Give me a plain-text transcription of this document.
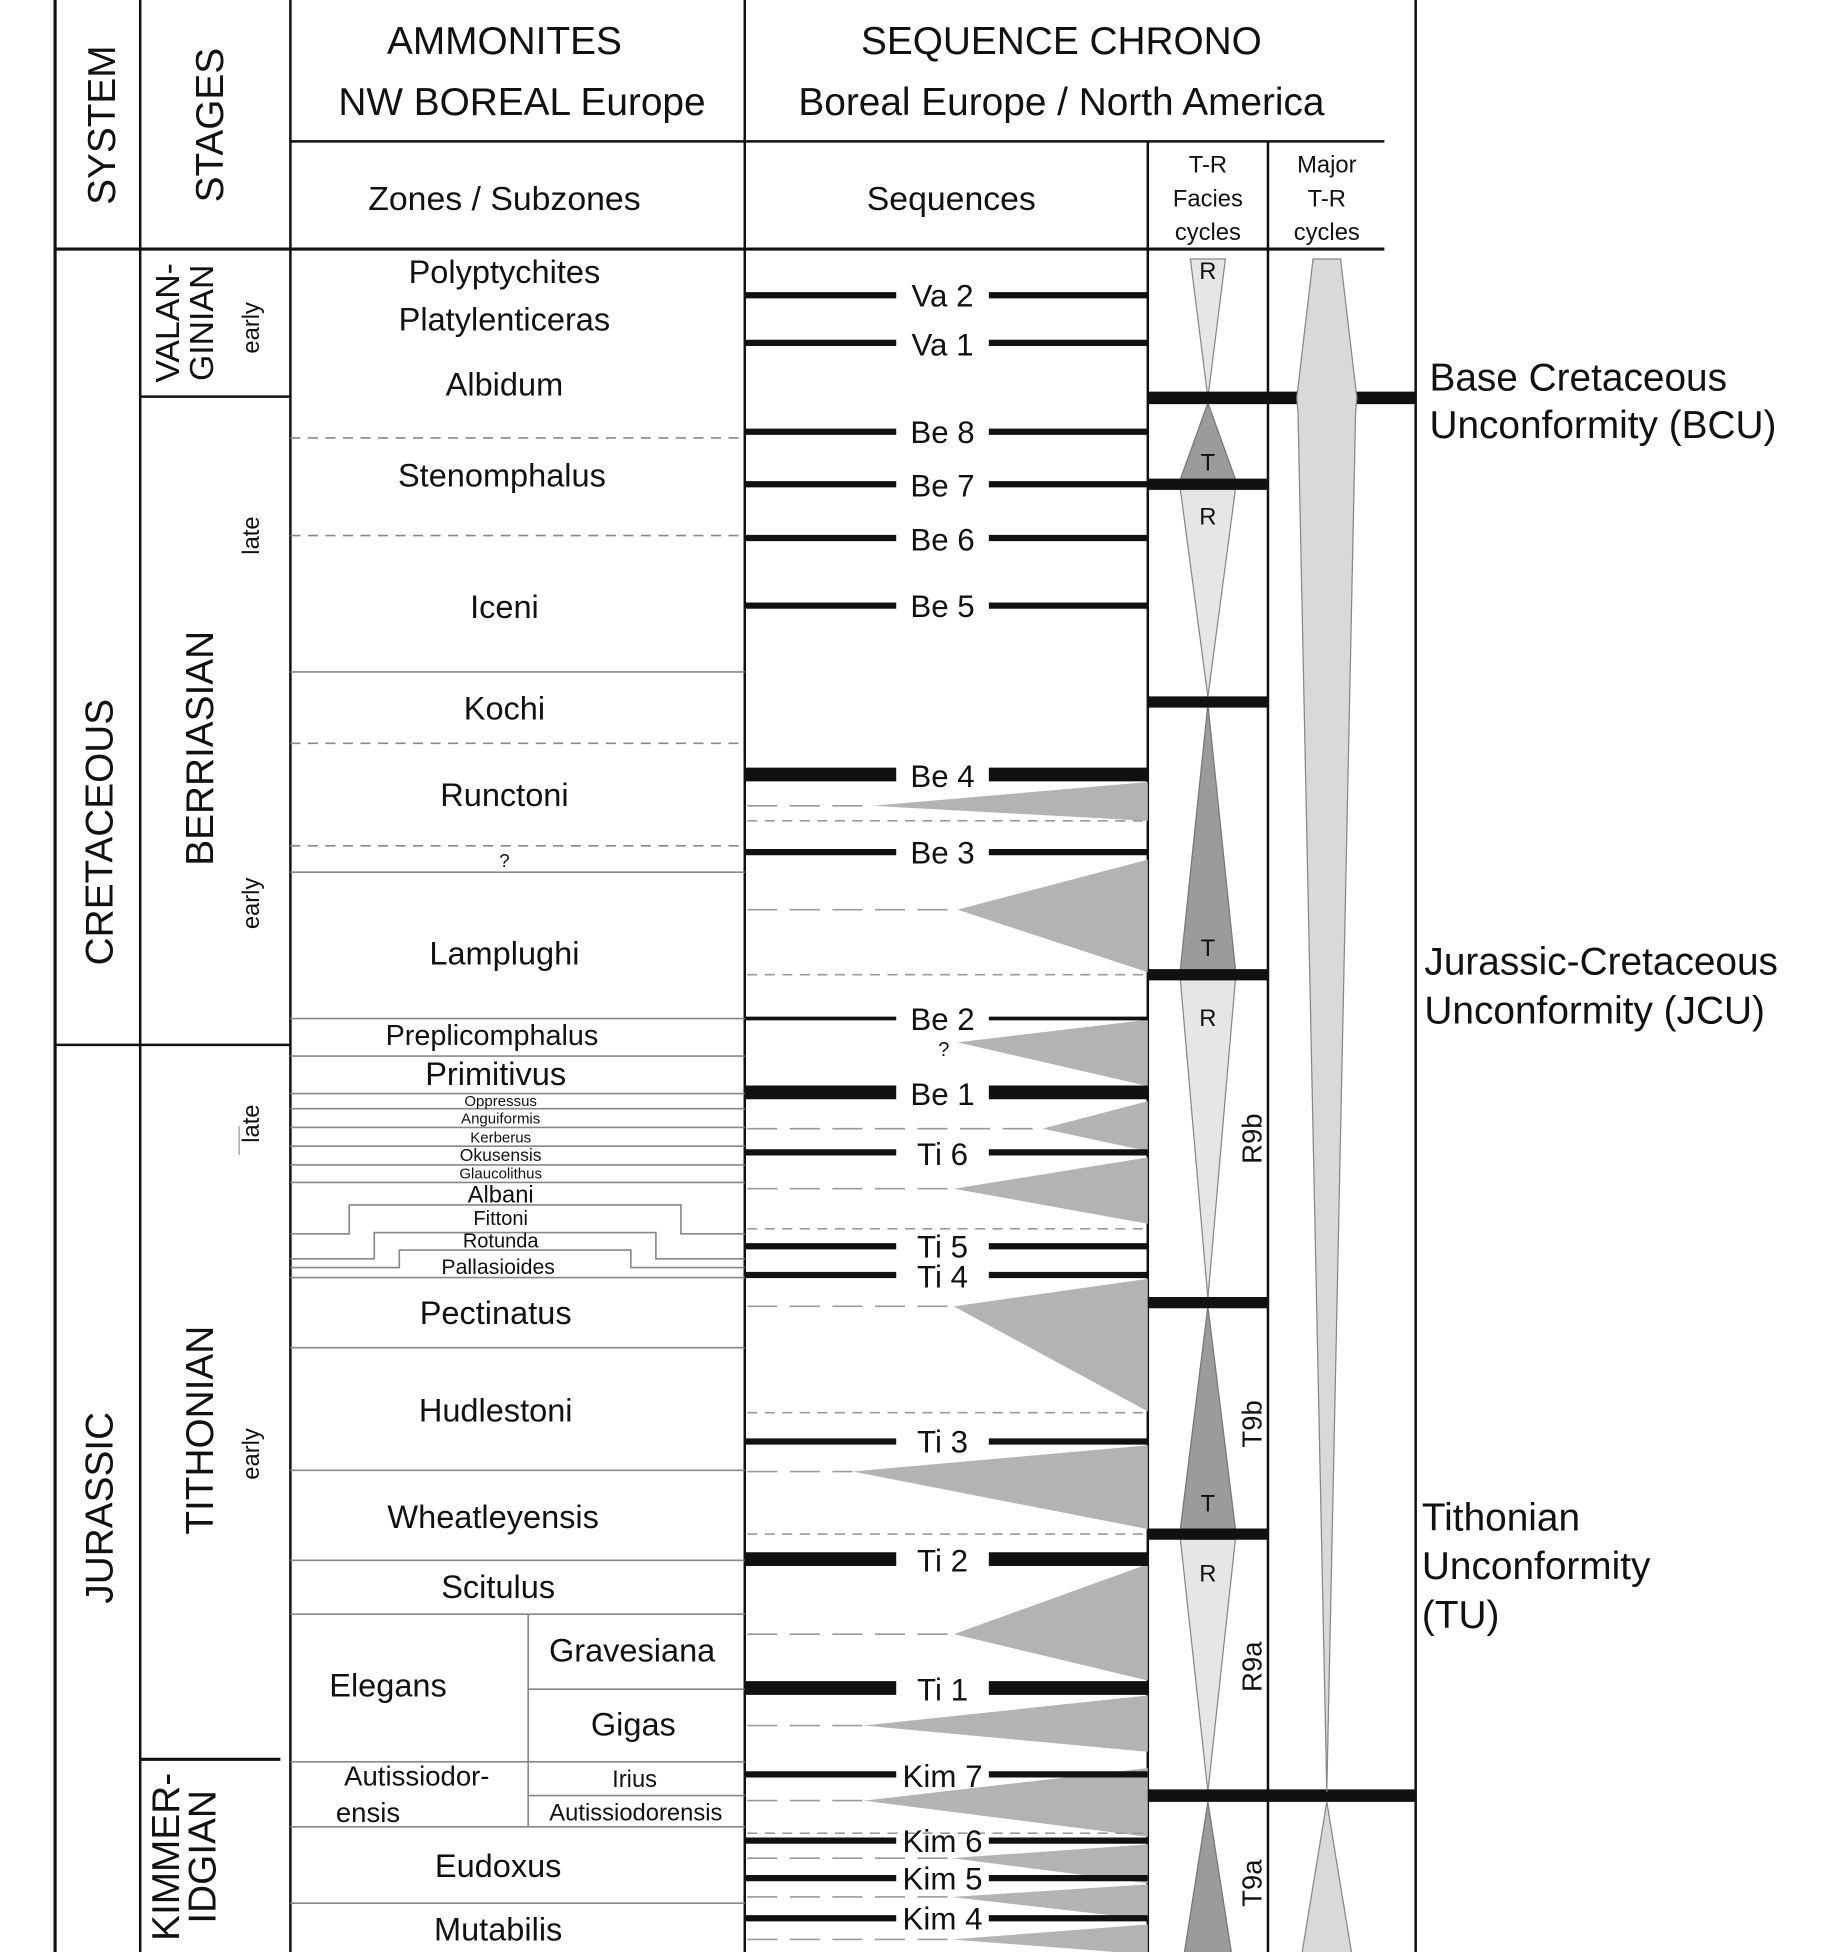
SYSTEM STAGES
AMMONITES
NW BOREAL Europe
Zones / Subzones
SEQUENCE CHRONO
Boreal Europe / North America
Sequences
T-R
Facies
cycles
Major
T-R
cycles
CRETACEOUS
JURASSIC
VALAN-
GINIAN early
BERRIASIAN
late
early
TITHONIAN
late
early
KIMMER-
IDGIAN
Polyptychites
Platylenticeras
Albidum
Stenomphalus
Iceni
Kochi
Runctoni
?
Lamplughi
Preplicomphalus
Primitivus
Oppressus
Anguiformis
Kerberus
Okusensis
Glaucolithus
Albani
Fittoni
Rotunda
Pallasioides
Pectinatus
Hudlestoni
Wheatleyensis
Scitulus
Elegans
Gravesiana
Gigas
Autissiodor-
ensis
Irius
Autissiodorensis
Eudoxus
Mutabilis
Va 2
Va 1
Be 8
Be 7
Be 6
Be 5
Be 4
Be 3
Be 2
?
Be 1
Ti 6
Ti 5
Ti 4
Ti 3
Ti 2
Ti 1
Kim 7
Kim 6
Kim 5
Kim 4
R
T
R
T
R
T
R
R9b
T9b
R9a
T9a
Base Cretaceous
Unconformity (BCU)
Jurassic-Cretaceous
Unconformity (JCU)
Tithonian
Unconformity
(TU)
